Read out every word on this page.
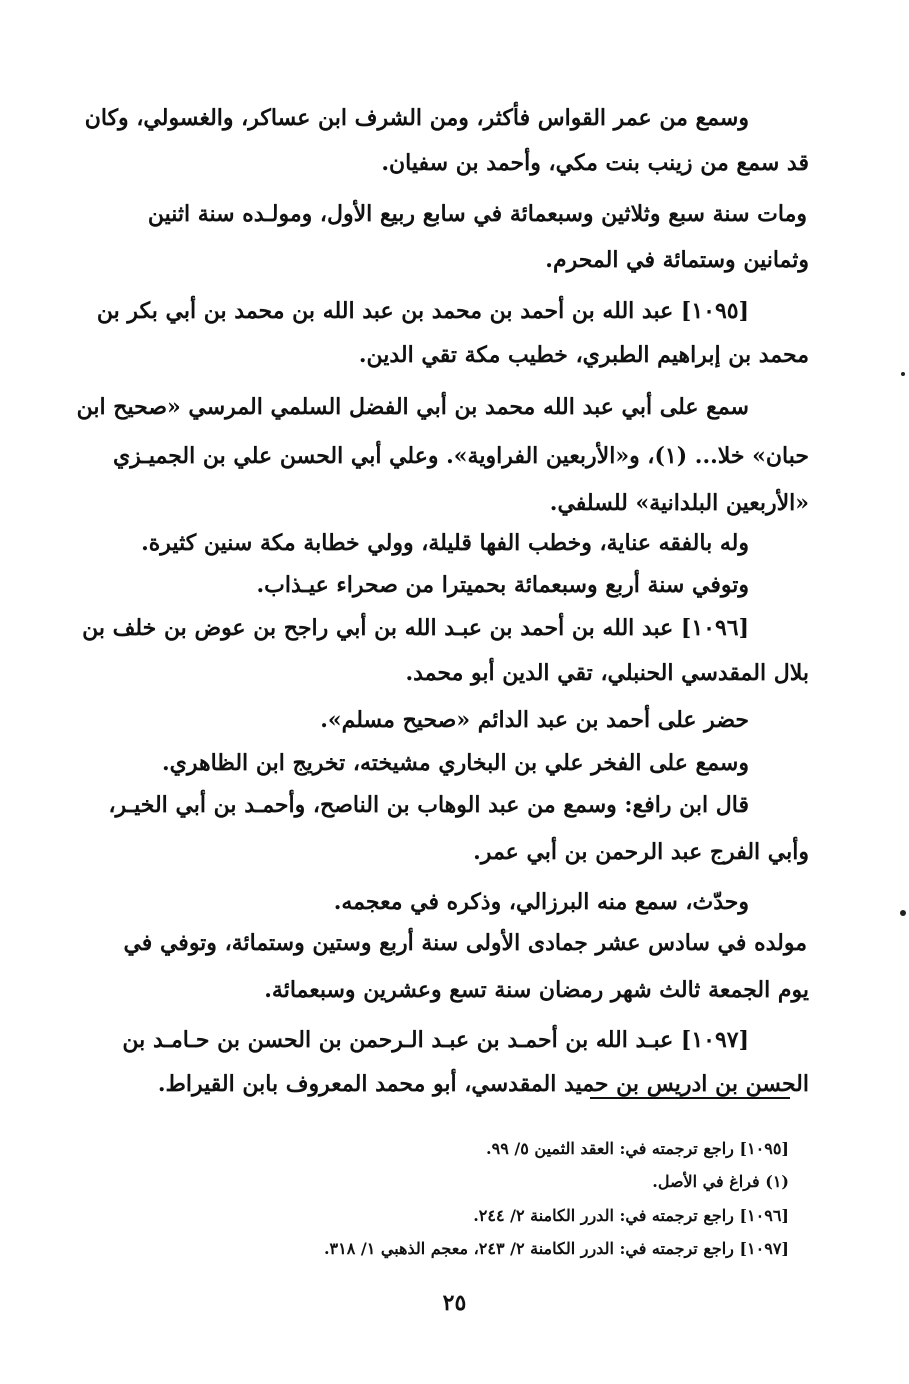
وسمع من عمر القواس فأكثر، ومن الشرف ابن عساكر، والغسولي، وكان
قد سمع من زينب بنت مكي، وأحمد بن سفيان.
ومات سنة سبع وثلاثين وسبعمائة في سابع ربيع الأول، ومولـده سنة اثنين
وثمانين وستمائة في المحرم.
[١٠٩٥] عبد الله بن أحمد بن محمد بن عبد الله بن محمد بن أبي بكر بن
محمد بن إبراهيم الطبري، خطيب مكة تقي الدين.
سمع على أبي عبد الله محمد بن أبي الفضل السلمي المرسي «صحيح ابن
حبان» خلا... (١)، و«الأربعين الفراوية». وعلي أبي الحسن علي بن الجميـزي
«الأربعين البلدانية» للسلفي.
وله بالفقه عناية، وخطب الفها قليلة، وولي خطابة مكة سنين كثيرة.
وتوفي سنة أربع وسبعمائة بحميترا من صحراء عيـذاب.
[١٠٩٦] عبد الله بن أحمد بن عبـد الله بن أبي راجح بن عوض بن خلف بن
بلال المقدسي الحنبلي، تقي الدين أبو محمد.
حضر على أحمد بن عبد الدائم «صحيح مسلم».
وسمع على الفخر علي بن البخاري مشيخته، تخريج ابن الظاهري.
قال ابن رافع: وسمع من عبد الوهاب بن الناصح، وأحمـد بن أبي الخيـر،
وأبي الفرج عبد الرحمن بن أبي عمر.
وحدّث، سمع منه البرزالي، وذكره في معجمه.
مولده في سادس عشر جمادى الأولى سنة أربع وستين وستمائة، وتوفي في
يوم الجمعة ثالث شهر رمضان سنة تسع وعشرين وسبعمائة.
[١٠٩٧] عبـد الله بن أحمـد بن عبـد الـرحمن بن الحسن بن حـامـد بن
الحسن بن ادريس بن حميد المقدسي، أبو محمد المعروف بابن القيراط.
[١٠٩٥] راجع ترجمته في: العقد الثمين ٥/ ٩٩.
(١) فراغ في الأصل.
[١٠٩٦] راجع ترجمته في: الدرر الكامنة ٢/ ٢٤٤.
[١٠٩٧] راجع ترجمته في: الدرر الكامنة ٢/ ٢٤٣، معجم الذهبي ١/ ٣١٨.
٢٥
